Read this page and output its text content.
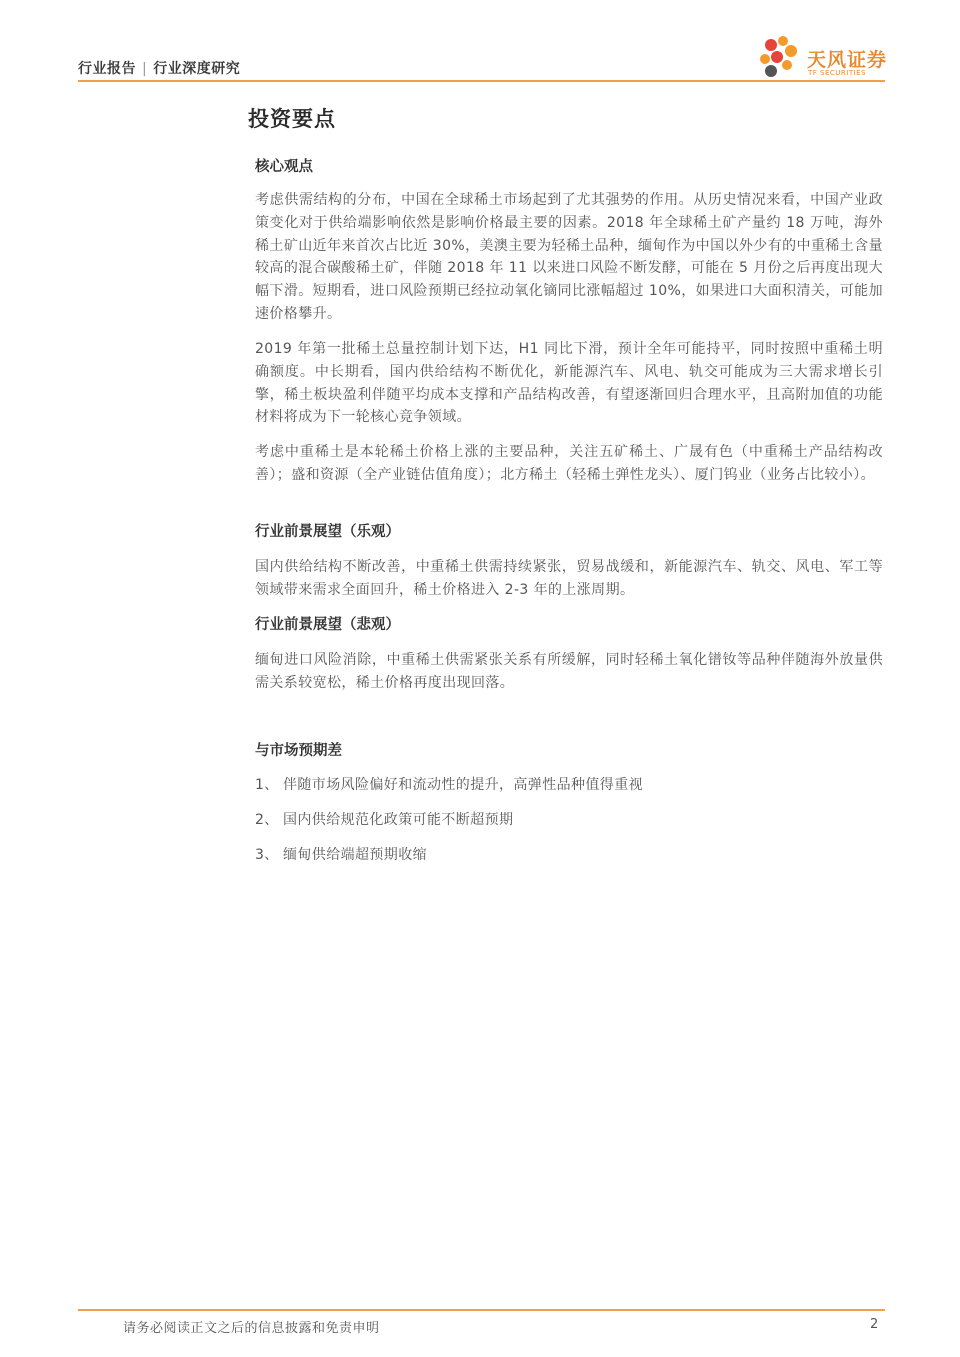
行业报告 | 行业深度研究	天风证券
TF SECURITIES
投资要点
核心观点

考虑供需结构的分布，中国在全球稀土市场起到了尤其强势的作用。从历史情况来看，中国产业政策变化对于供给端影响依然是影响价格最主要的因素。2018 年全球稀土矿产量约 18 万吨，海外稀土矿山近年来首次占比近 30%，美澳主要为轻稀土品种，缅甸作为中国以外少有的中重稀土含量较高的混合碳酸稀土矿，伴随 2018 年 11 以来进口风险不断发酵，可能在 5 月份之后再度出现大幅下滑。短期看，进口风险预期已经拉动氧化镝同比涨幅超过 10%，如果进口大面积清关，可能加速价格攀升。

2019 年第一批稀土总量控制计划下达，H1 同比下滑，预计全年可能持平，同时按照中重稀土明确额度。中长期看，国内供给结构不断优化，新能源汽车、风电、轨交可能成为三大需求增长引擎，稀土板块盈利伴随平均成本支撑和产品结构改善，有望逐渐回归合理水平，且高附加值的功能材料将成为下一轮核心竞争领域。

考虑中重稀土是本轮稀土价格上涨的主要品种，关注五矿稀土、广晟有色（中重稀土产品结构改善）；盛和资源（全产业链估值角度）；北方稀土（轻稀土弹性龙头）、厦门钨业（业务占比较小）。

行业前景展望（乐观）

国内供给结构不断改善，中重稀土供需持续紧张，贸易战缓和，新能源汽车、轨交、风电、军工等领域带来需求全面回升，稀土价格进入 2-3 年的上涨周期。

行业前景展望（悲观）

缅甸进口风险消除，中重稀土供需紧张关系有所缓解，同时轻稀土氧化镨钕等品种伴随海外放量供需关系较宽松，稀土价格再度出现回落。

与市场预期差
1、 伴随市场风险偏好和流动性的提升，高弹性品种值得重视
2、 国内供给规范化政策可能不断超预期
3、 缅甸供给端超预期收缩
请务必阅读正文之后的信息披露和免责申明	2
